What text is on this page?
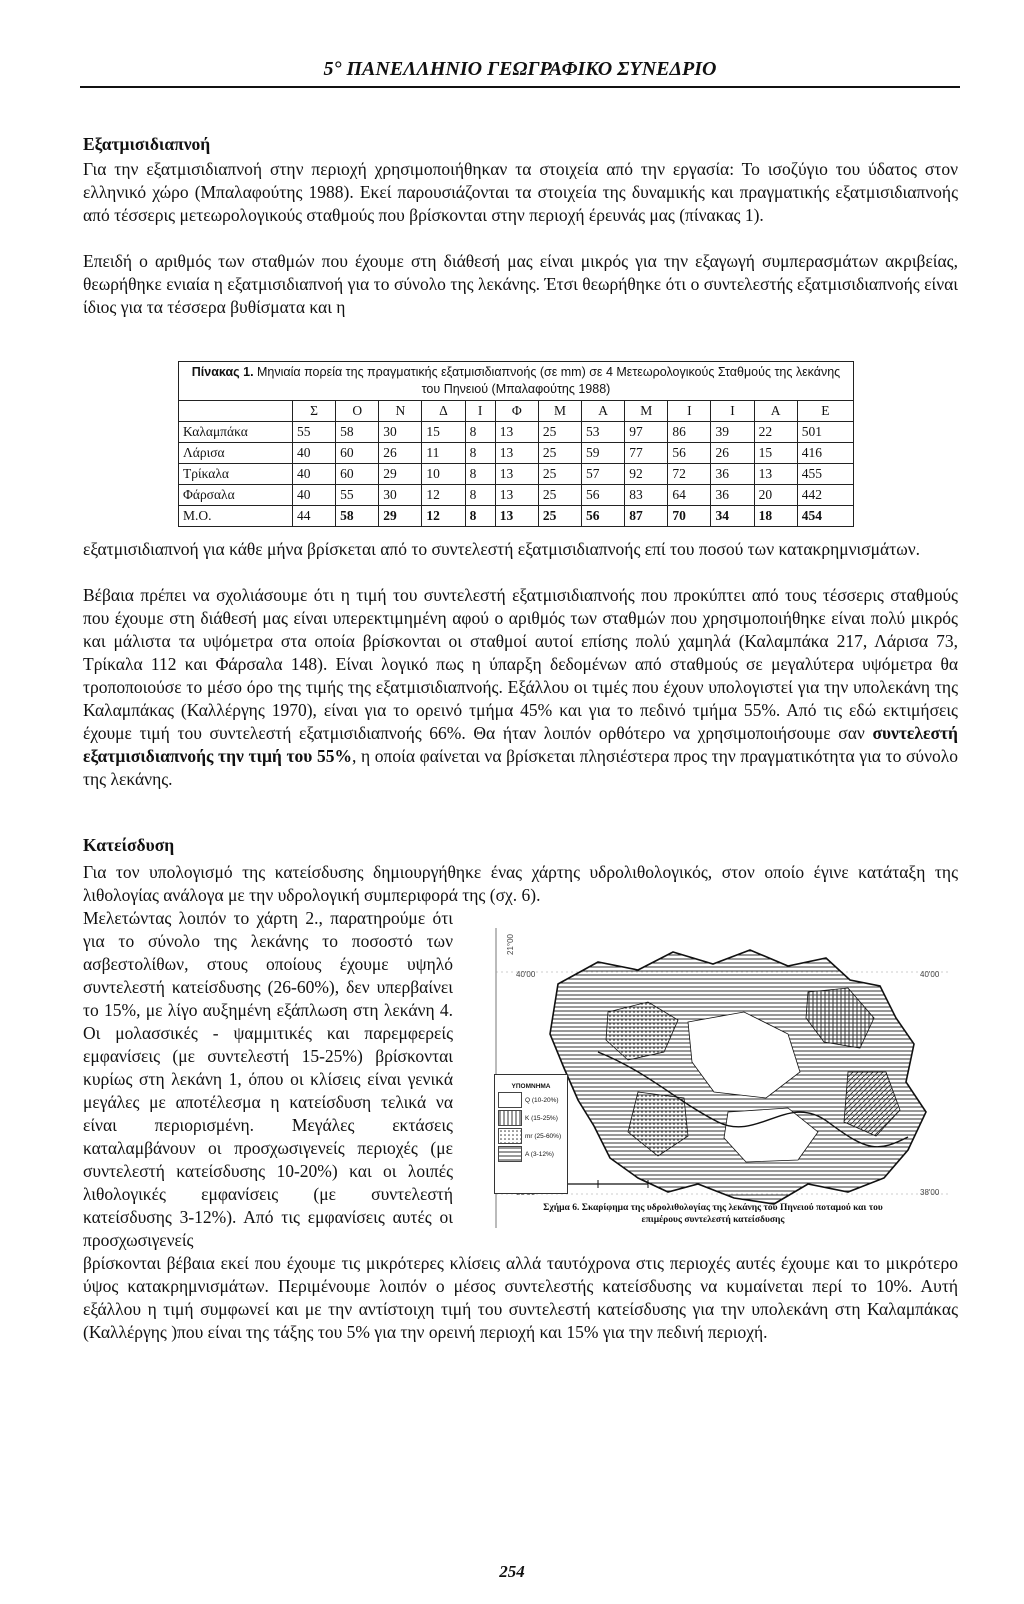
5° ΠΑΝΕΛΛΗΝΙΟ ΓΕΩΓΡΑΦΙΚΟ ΣΥΝΕΔΡΙΟ
Εξατμισιδιαπνοή

Για την εξατμισιδιαπνοή στην περιοχή χρησιμοποιήθηκαν τα στοιχεία από την εργασία: Το ισοζύγιο του ύδατος στον ελληνικό χώρο (Μπαλαφούτης 1988). Εκεί παρουσιάζονται τα στοιχεία της δυναμικής και πραγματικής εξατμισιδιαπνοής από τέσσερις μετεωρολογικούς σταθμούς που βρίσκονται στην περιοχή έρευνάς μας (πίνακας 1).

Επειδή ο αριθμός των σταθμών που έχουμε στη διάθεσή μας είναι μικρός για την εξαγωγή συμπερασμάτων ακριβείας, θεωρήθηκε ενιαία η εξατμισιδιαπνοή για το σύνολο της λεκάνης. Έτσι θεωρήθηκε ότι ο συντελεστής εξατμισιδιαπνοής είναι ίδιος για τα τέσσερα βυθίσματα και η

Πίνακας 1. Μηνιαία πορεία της πραγματικής εξατμισιδιαπνοής (σε mm) σε 4 Μετεωρολογικούς Σταθμούς της λεκάνης του Πηνειού (Μπαλαφούτης 1988)
	Σ	Ο	Ν	Δ	Ι	Φ	Μ	Α	Μ	Ι	Ι	Α	Ε
Καλαμπάκα	55	58	30	15	8	13	25	53	97	86	39	22	501
Λάρισα	40	60	26	11	8	13	25	59	77	56	26	15	416
Τρίκαλα	40	60	29	10	8	13	25	57	92	72	36	13	455
Φάρσαλα	40	55	30	12	8	13	25	56	83	64	36	20	442
Μ.Ο.	44	58	29	12	8	13	25	56	87	70	34	18	454

εξατμισιδιαπνοή για κάθε μήνα βρίσκεται από το συντελεστή εξατμισιδιαπνοής επί του ποσού των κατακρημνισμάτων.

Βέβαια πρέπει να σχολιάσουμε ότι η τιμή του συντελεστή εξατμισιδιαπνοής που προκύπτει από τους τέσσερις σταθμούς που έχουμε στη διάθεσή μας είναι υπερεκτιμημένη αφού ο αριθμός των σταθμών που χρησιμοποιήθηκε είναι πολύ μικρός και μάλιστα τα υψόμετρα στα οποία βρίσκονται οι σταθμοί αυτοί επίσης πολύ χαμηλά (Καλαμπάκα 217, Λάρισα 73, Τρίκαλα 112 και Φάρσαλα 148). Είναι λογικό πως η ύπαρξη δεδομένων από σταθμούς σε μεγαλύτερα υψόμετρα θα τροποποιούσε το μέσο όρο της τιμής της εξατμισιδιαπνοής. Εξάλλου οι τιμές που έχουν υπολογιστεί για την υπολεκάνη της Καλαμπάκας (Καλλέργης 1970), είναι για το ορεινό τμήμα 45% και για το πεδινό τμήμα 55%. Από τις εδώ εκτιμήσεις έχουμε τιμή του συντελεστή εξατμισιδιαπνοής 66%. Θα ήταν λοιπόν ορθότερο να χρησιμοποιήσουμε σαν συντελεστή εξατμισιδιαπνοής την τιμή του 55%, η οποία φαίνεται να βρίσκεται πλησιέστερα προς την πραγματικότητα για το σύνολο της λεκάνης.

Κατείσδυση

Για τον υπολογισμό της κατείσδυσης δημιουργήθηκε ένας χάρτης υδρολιθολογικός, στον οποίο έγινε κατάταξη της λιθολογίας ανάλογα με την υδρολογική συμπεριφορά της (σχ. 6).

Μελετώντας λοιπόν το χάρτη 2., παρατηρούμε ότι για το σύνολο της λεκάνης το ποσοστό των ασβεστολίθων, στους οποίους έχουμε υψηλό συντελεστή κατείσδυσης (26-60%), δεν υπερβαίνει το 15%, με λίγο αυξημένη εξάπλωση στη λεκάνη 4. Οι μολασσικές - ψαμμιτικές και παρεμφερείς εμφανίσεις (με συντελεστή 15-25%) βρίσκονται κυρίως στη λεκάνη 1, όπου οι κλίσεις είναι γενικά μεγάλες με αποτέλεσμα η κατείσδυση τελικά να είναι περιορισμένη. Μεγάλες εκτάσεις καταλαμβάνουν οι προσχωσιγενείς περιοχές (με συντελεστή κατείσδυσης 10-20%) και οι λοιπές λιθολογικές εμφανίσεις (με συντελεστή κατείσδυσης 3-12%). Από τις εμφανίσεις αυτές οι προσχωσιγενείς

βρίσκονται βέβαια εκεί που έχουμε τις μικρότερες κλίσεις αλλά ταυτόχρονα στις περιοχές αυτές έχουμε και το μικρότερο ύψος κατακρημνισμάτων. Περιμένουμε λοιπόν ο μέσος συντελεστής κατείσδυσης να κυμαίνεται περί το 10%. Αυτή εξάλλου η τιμή συμφωνεί και με την αντίστοιχη τιμή του συντελεστή κατείσδυσης για την υπολεκάνη στη Καλαμπάκας (Καλλέργης )που είναι της τάξης του 5% για την ορεινή περιοχή και 15% για την πεδινή περιοχή.

21°00
40'00	40'00
38'00
ΥΠΟΜΝΗΜΑ
Q (10-20%)
K (15-25%)
mr (25-60%)
A (3-12%)
Σχήμα 6. Σκαρίφημα της υδρολιθολογίας της λεκάνης του Πηνειού ποταμού και του επιμέρους συντελεστή κατείσδυσης
254
